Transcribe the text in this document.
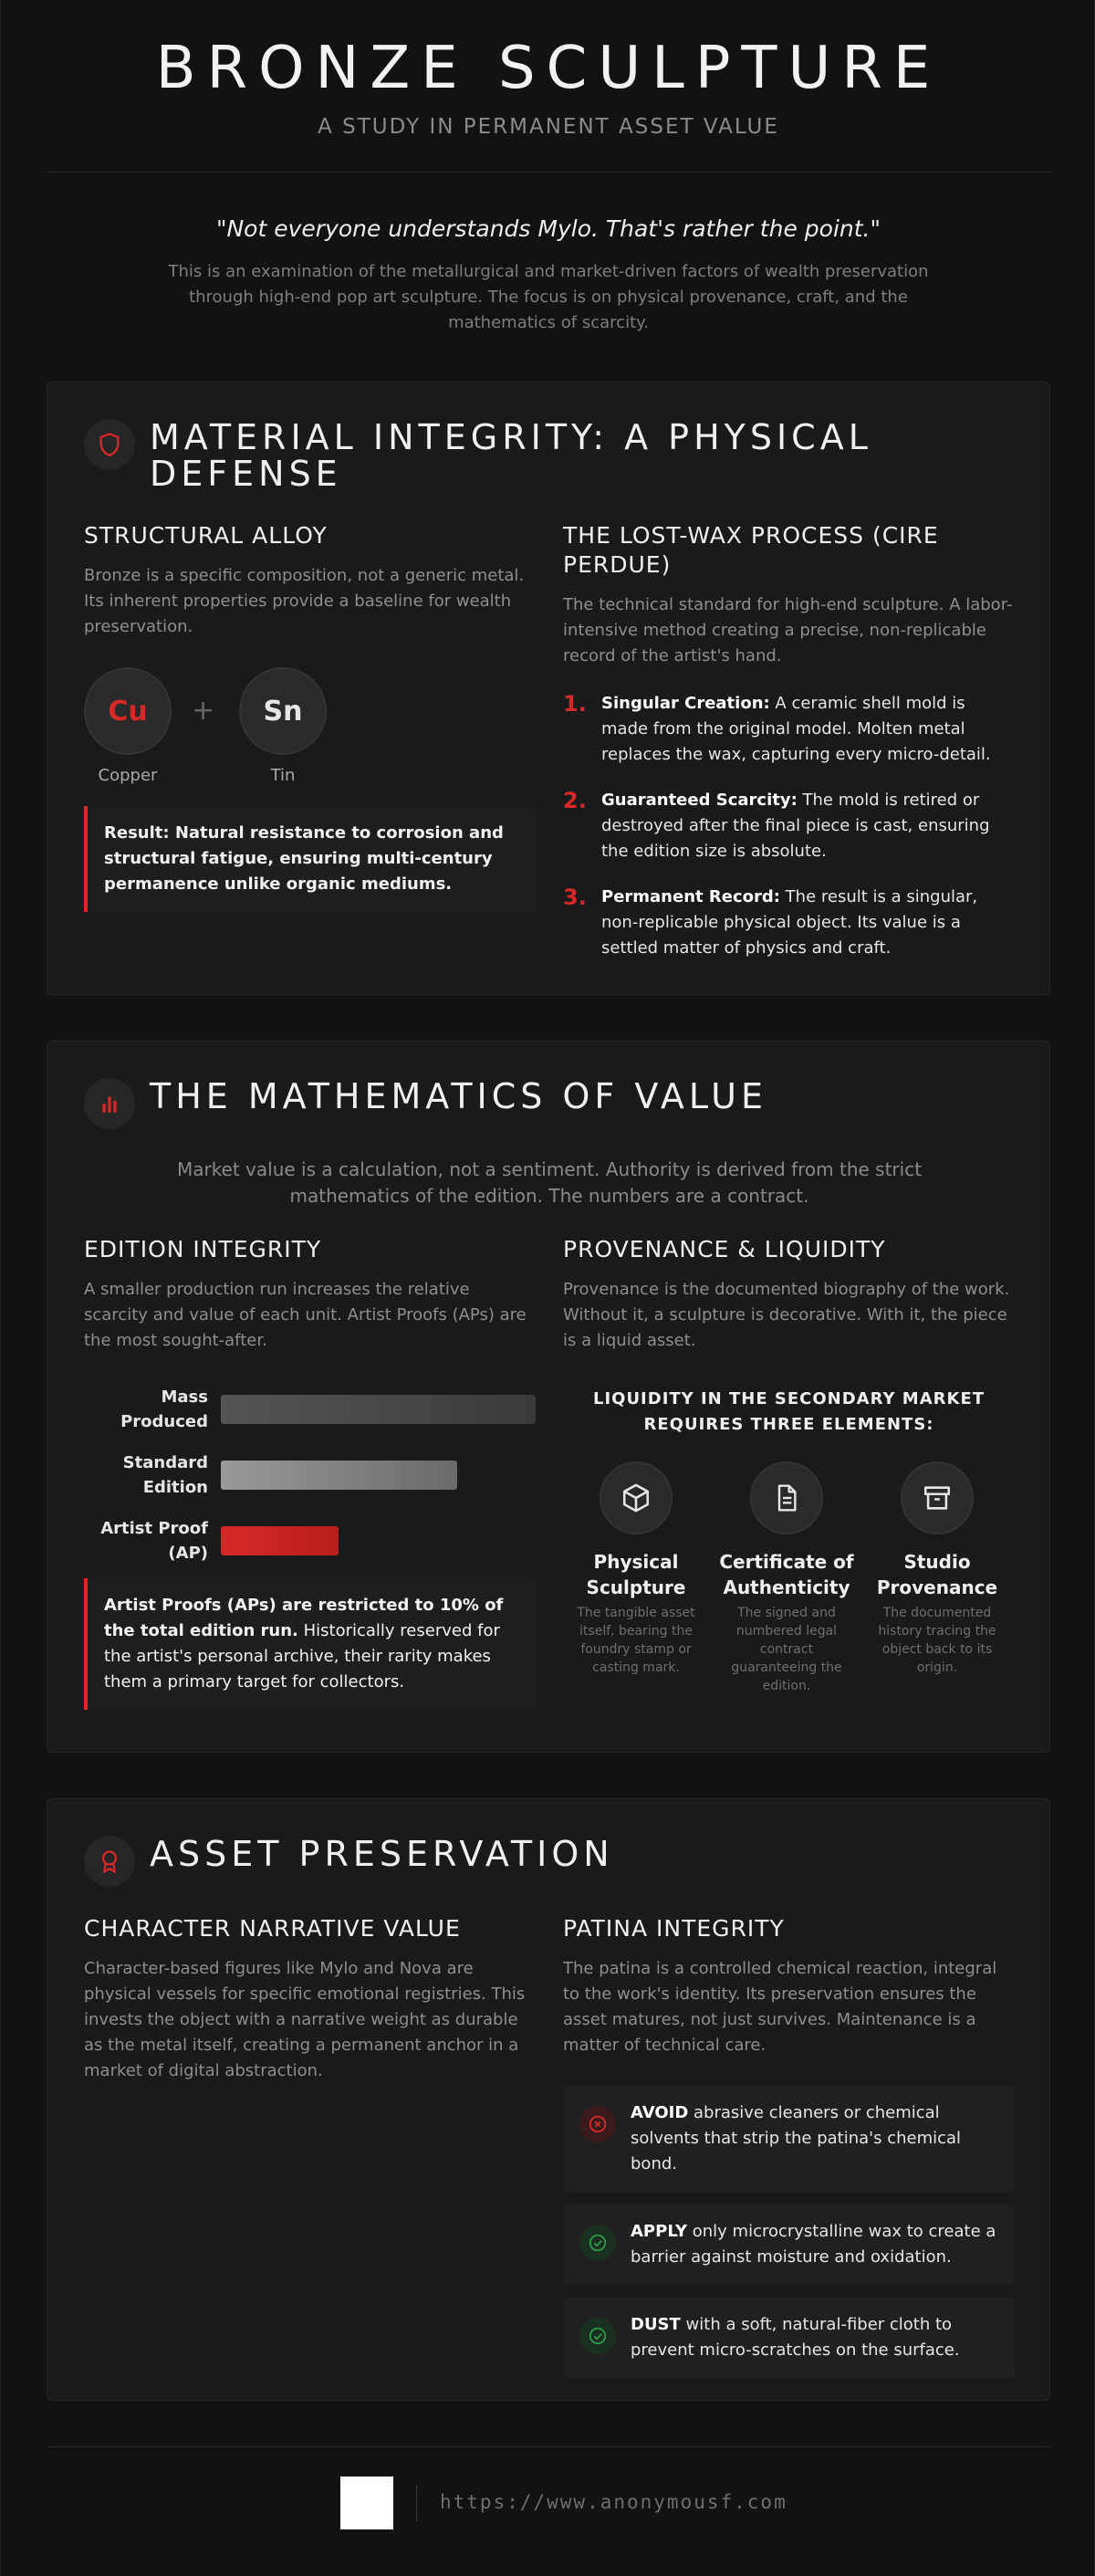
BRONZE SCULPTURE
A STUDY IN PERMANENT ASSET VALUE
"Not everyone understands Mylo. That's rather the point."

This is an examination of the metallurgical and market-driven factors of wealth preservation through high-end pop art sculpture. The focus is on physical provenance, craft, and the mathematics of scarcity.

MATERIAL INTEGRITY: A PHYSICAL DEFENSE
STRUCTURAL ALLOY

Bronze is a specific composition, not a generic metal. Its inherent properties provide a baseline for wealth preservation.

Cu
Copper
+	Sn
Tin
Result: Natural resistance to corrosion and structural fatigue, ensuring multi-century permanence unlike organic mediums.
THE LOST-WAX PROCESS (CIRE PERDUE)

The technical standard for high-end sculpture. A labor-intensive method creating a precise, non-replicable record of the artist's hand.

1. Singular Creation: A ceramic shell mold is made from the original model. Molten metal replaces the wax, capturing every micro-detail.
2. Guaranteed Scarcity: The mold is retired or destroyed after the final piece is cast, ensuring the edition size is absolute.
3. Permanent Record: The result is a singular, non-replicable physical object. Its value is a settled matter of physics and craft.
THE MATHEMATICS OF VALUE

Market value is a calculation, not a sentiment. Authority is derived from the strict mathematics of the edition. The numbers are a contract.

EDITION INTEGRITY

A smaller production run increases the relative scarcity and value of each unit. Artist Proofs (APs) are the most sought-after.

Mass Produced
Standard Edition
Artist Proof (AP)
Artist Proofs (APs) are restricted to 10% of the total edition run. Historically reserved for the artist's personal archive, their rarity makes them a primary target for collectors.
PROVENANCE & LIQUIDITY

Provenance is the documented biography of the work. Without it, a sculpture is decorative. With it, the piece is a liquid asset.

LIQUIDITY IN THE SECONDARY MARKET REQUIRES THREE ELEMENTS:
Physical Sculpture
The tangible asset itself, bearing the foundry stamp or casting mark.
Certificate of Authenticity
The signed and numbered legal contract guaranteeing the edition.
Studio Provenance
The documented history tracing the object back to its origin.
ASSET PRESERVATION
CHARACTER NARRATIVE VALUE

Character-based figures like Mylo and Nova are physical vessels for specific emotional registries. This invests the object with a narrative weight as durable as the metal itself, creating a permanent anchor in a market of digital abstraction.

PATINA INTEGRITY

The patina is a controlled chemical reaction, integral to the work's identity. Its preservation ensures the asset matures, not just survives. Maintenance is a matter of technical care.

AVOID abrasive cleaners or chemical solvents that strip the patina's chemical bond.
APPLY only microcrystalline wax to create a barrier against moisture and oxidation.
DUST with a soft, natural-fiber cloth to prevent micro-scratches on the surface.
https://www.anonymousf.com
